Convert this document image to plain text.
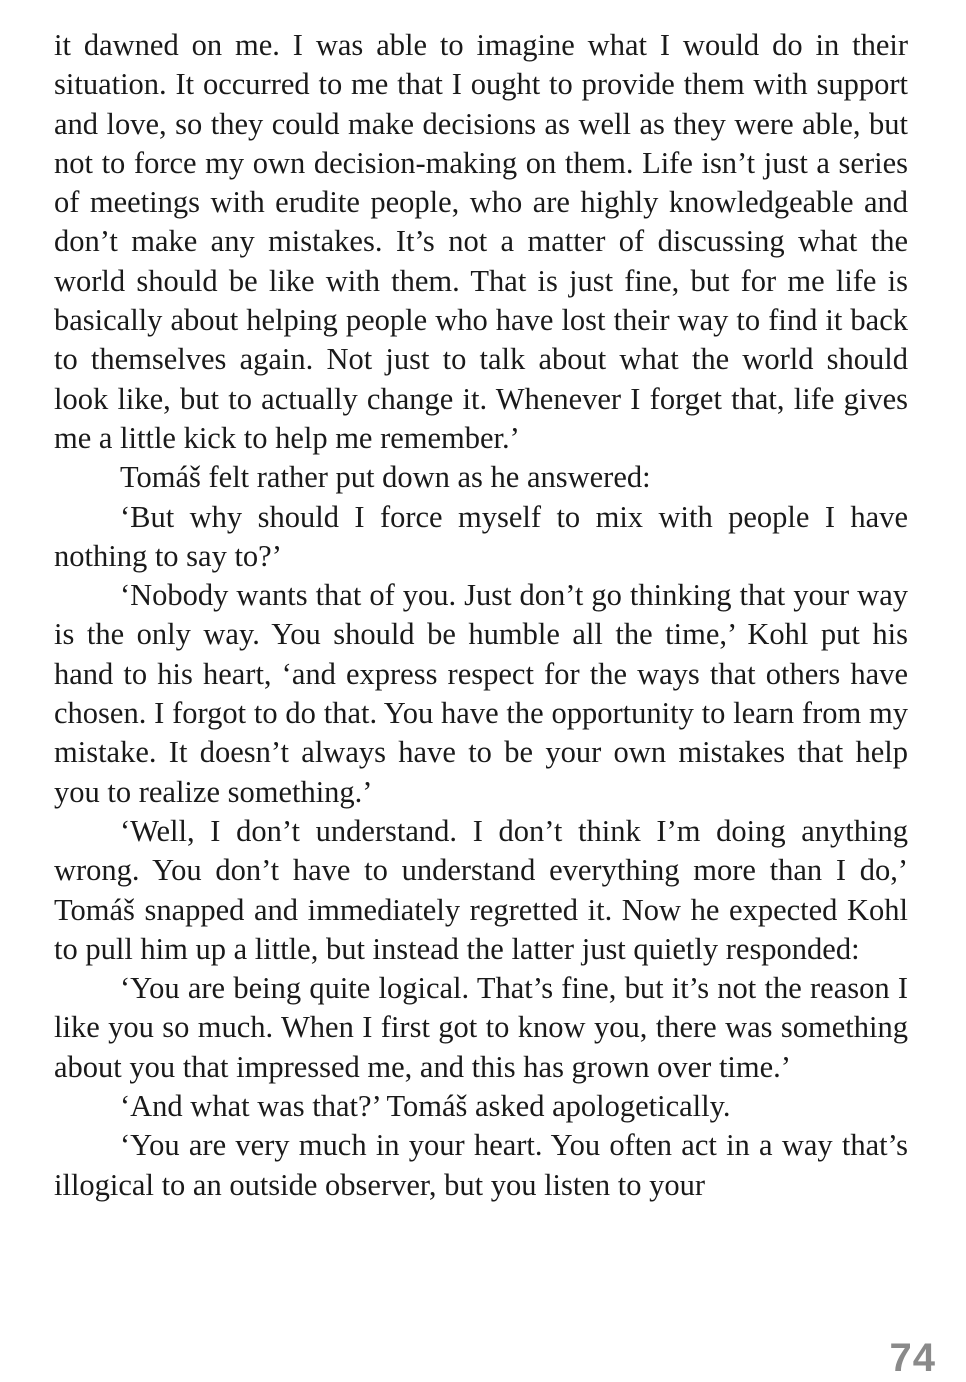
it dawned on me. I was able to imagine what I would do in their situation. It occurred to me that I ought to provide them with support and love, so they could make decisions as well as they were able, but not to force my own decision-making on them. Life isn’t just a series of meetings with erudite people, who are highly knowledgeable and don’t make any mistakes. It’s not a matter of discussing what the world should be like with them. That is just fine, but for me life is basically about helping people who have lost their way to find it back to themselves again. Not just to talk about what the world should look like, but to actually change it. Whenever I forget that, life gives me a little kick to help me remember.’

Tomáš felt rather put down as he answered:

‘But why should I force myself to mix with people I have nothing to say to?’

‘Nobody wants that of you. Just don’t go thinking that your way is the only way. You should be humble all the time,’ Kohl put his hand to his heart, ‘and express respect for the ways that others have chosen. I forgot to do that. You have the opportunity to learn from my mistake. It doesn’t always have to be your own mistakes that help you to realize something.’

‘Well, I don’t understand. I don’t think I’m doing anything wrong. You don’t have to understand everything more than I do,’ Tomáš snapped and immediately regretted it. Now he expected Kohl to pull him up a little, but instead the latter just quietly responded:

‘You are being quite logical. That’s fine, but it’s not the reason I like you so much. When I first got to know you, there was something about you that impressed me, and this has grown over time.’

‘And what was that?’ Tomáš asked apologetically.

‘You are very much in your heart. You often act in a way that’s illogical to an outside observer, but you listen to your

74
